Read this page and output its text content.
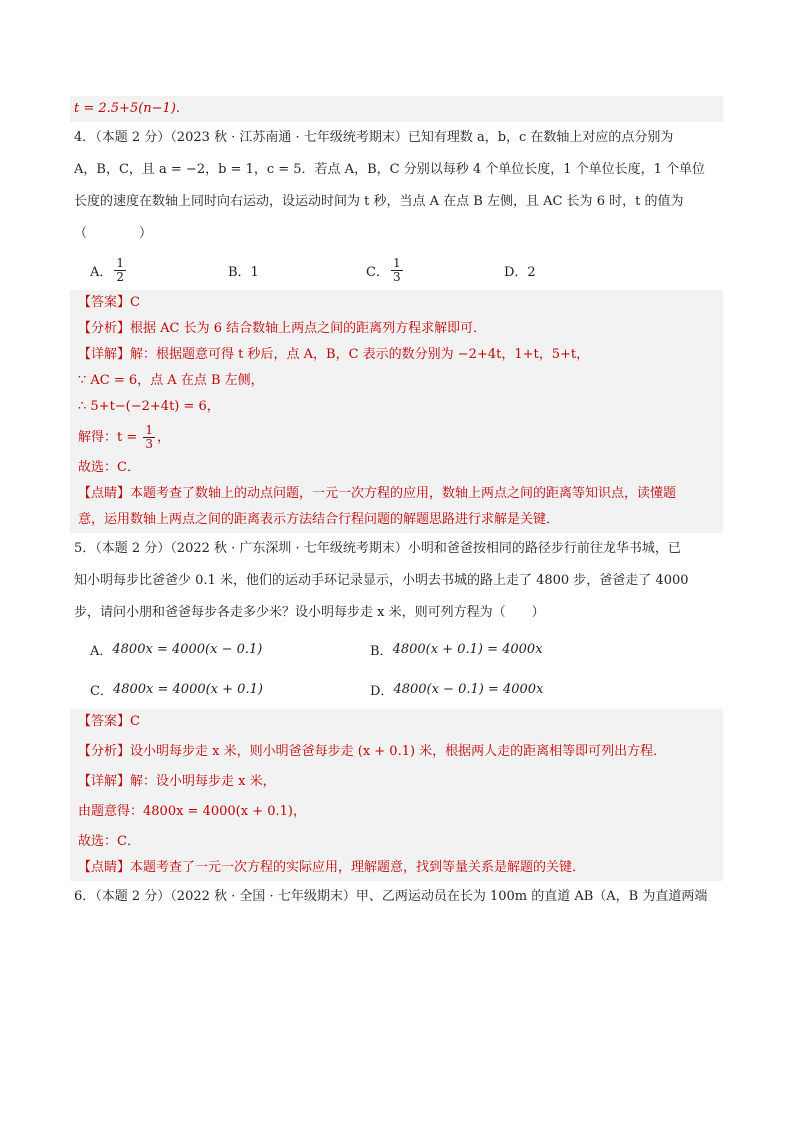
t = 2.5+5(n−1).

4．（本题 2 分）（2023 秋 · 江苏南通 · 七年级统考期末）已知有理数 a，b，c 在数轴上对应的点分别为

A，B，C，且 a = −2，b = 1，c = 5．若点 A，B，C 分别以每秒 4 个单位长度，1 个单位长度，1 个单位

长度的速度在数轴上同时向右运动，设运动时间为 t 秒，当点 A 在点 B 左侧，且 AC 长为 6 时，t 的值为

（　　　　）

A． $\frac{1}{2}$	B．1	C． $\frac{1}{3}$	D．2
【答案】C
【分析】根据 AC 长为 6 结合数轴上两点之间的距离列方程求解即可．
【详解】解：根据题意可得 t 秒后，点 A，B，C 表示的数分别为 −2+4t，1+t，5+t，
∵ AC = 6，点 A 在点 B 左侧，
∴ 5+t−(−2+4t) = 6，
解得：$t = \frac{1}{3}$ ，
故选：C．
【点睛】本题考查了数轴上的动点问题，一元一次方程的应用，数轴上两点之间的距离等知识点，读懂题
意，运用数轴上两点之间的距离表示方法结合行程问题的解题思路进行求解是关键．

5．（本题 2 分）（2022 秋 · 广东深圳 · 七年级统考期末）小明和爸爸按相同的路径步行前往龙华书城，已

知小明每步比爸爸少 0.1 米，他们的运动手环记录显示，小明去书城的路上走了 4800 步，爸爸走了 4000

步，请问小朋和爸爸每步各走多少米？设小明每步走 x 米，则可列方程为（　　）

A． 4800x = 4000(x − 0.1)	B． 4800(x + 0.1) = 4000x
C． 4800x = 4000(x + 0.1)	D． 4800(x − 0.1) = 4000x
【答案】C
【分析】设小明每步走 x 米，则小明爸爸每步走 (x + 0.1) 米，根据两人走的距离相等即可列出方程．
【详解】解：设小明每步走 x 米，
由题意得：4800x = 4000(x + 0.1)，
故选：C．
【点睛】本题考查了一元一次方程的实际应用，理解题意，找到等量关系是解题的关键．

6．（本题 2 分）（2022 秋 · 全国 · 七年级期末）甲、乙两运动员在长为 100m 的直道 AB（A，B 为直道两端
